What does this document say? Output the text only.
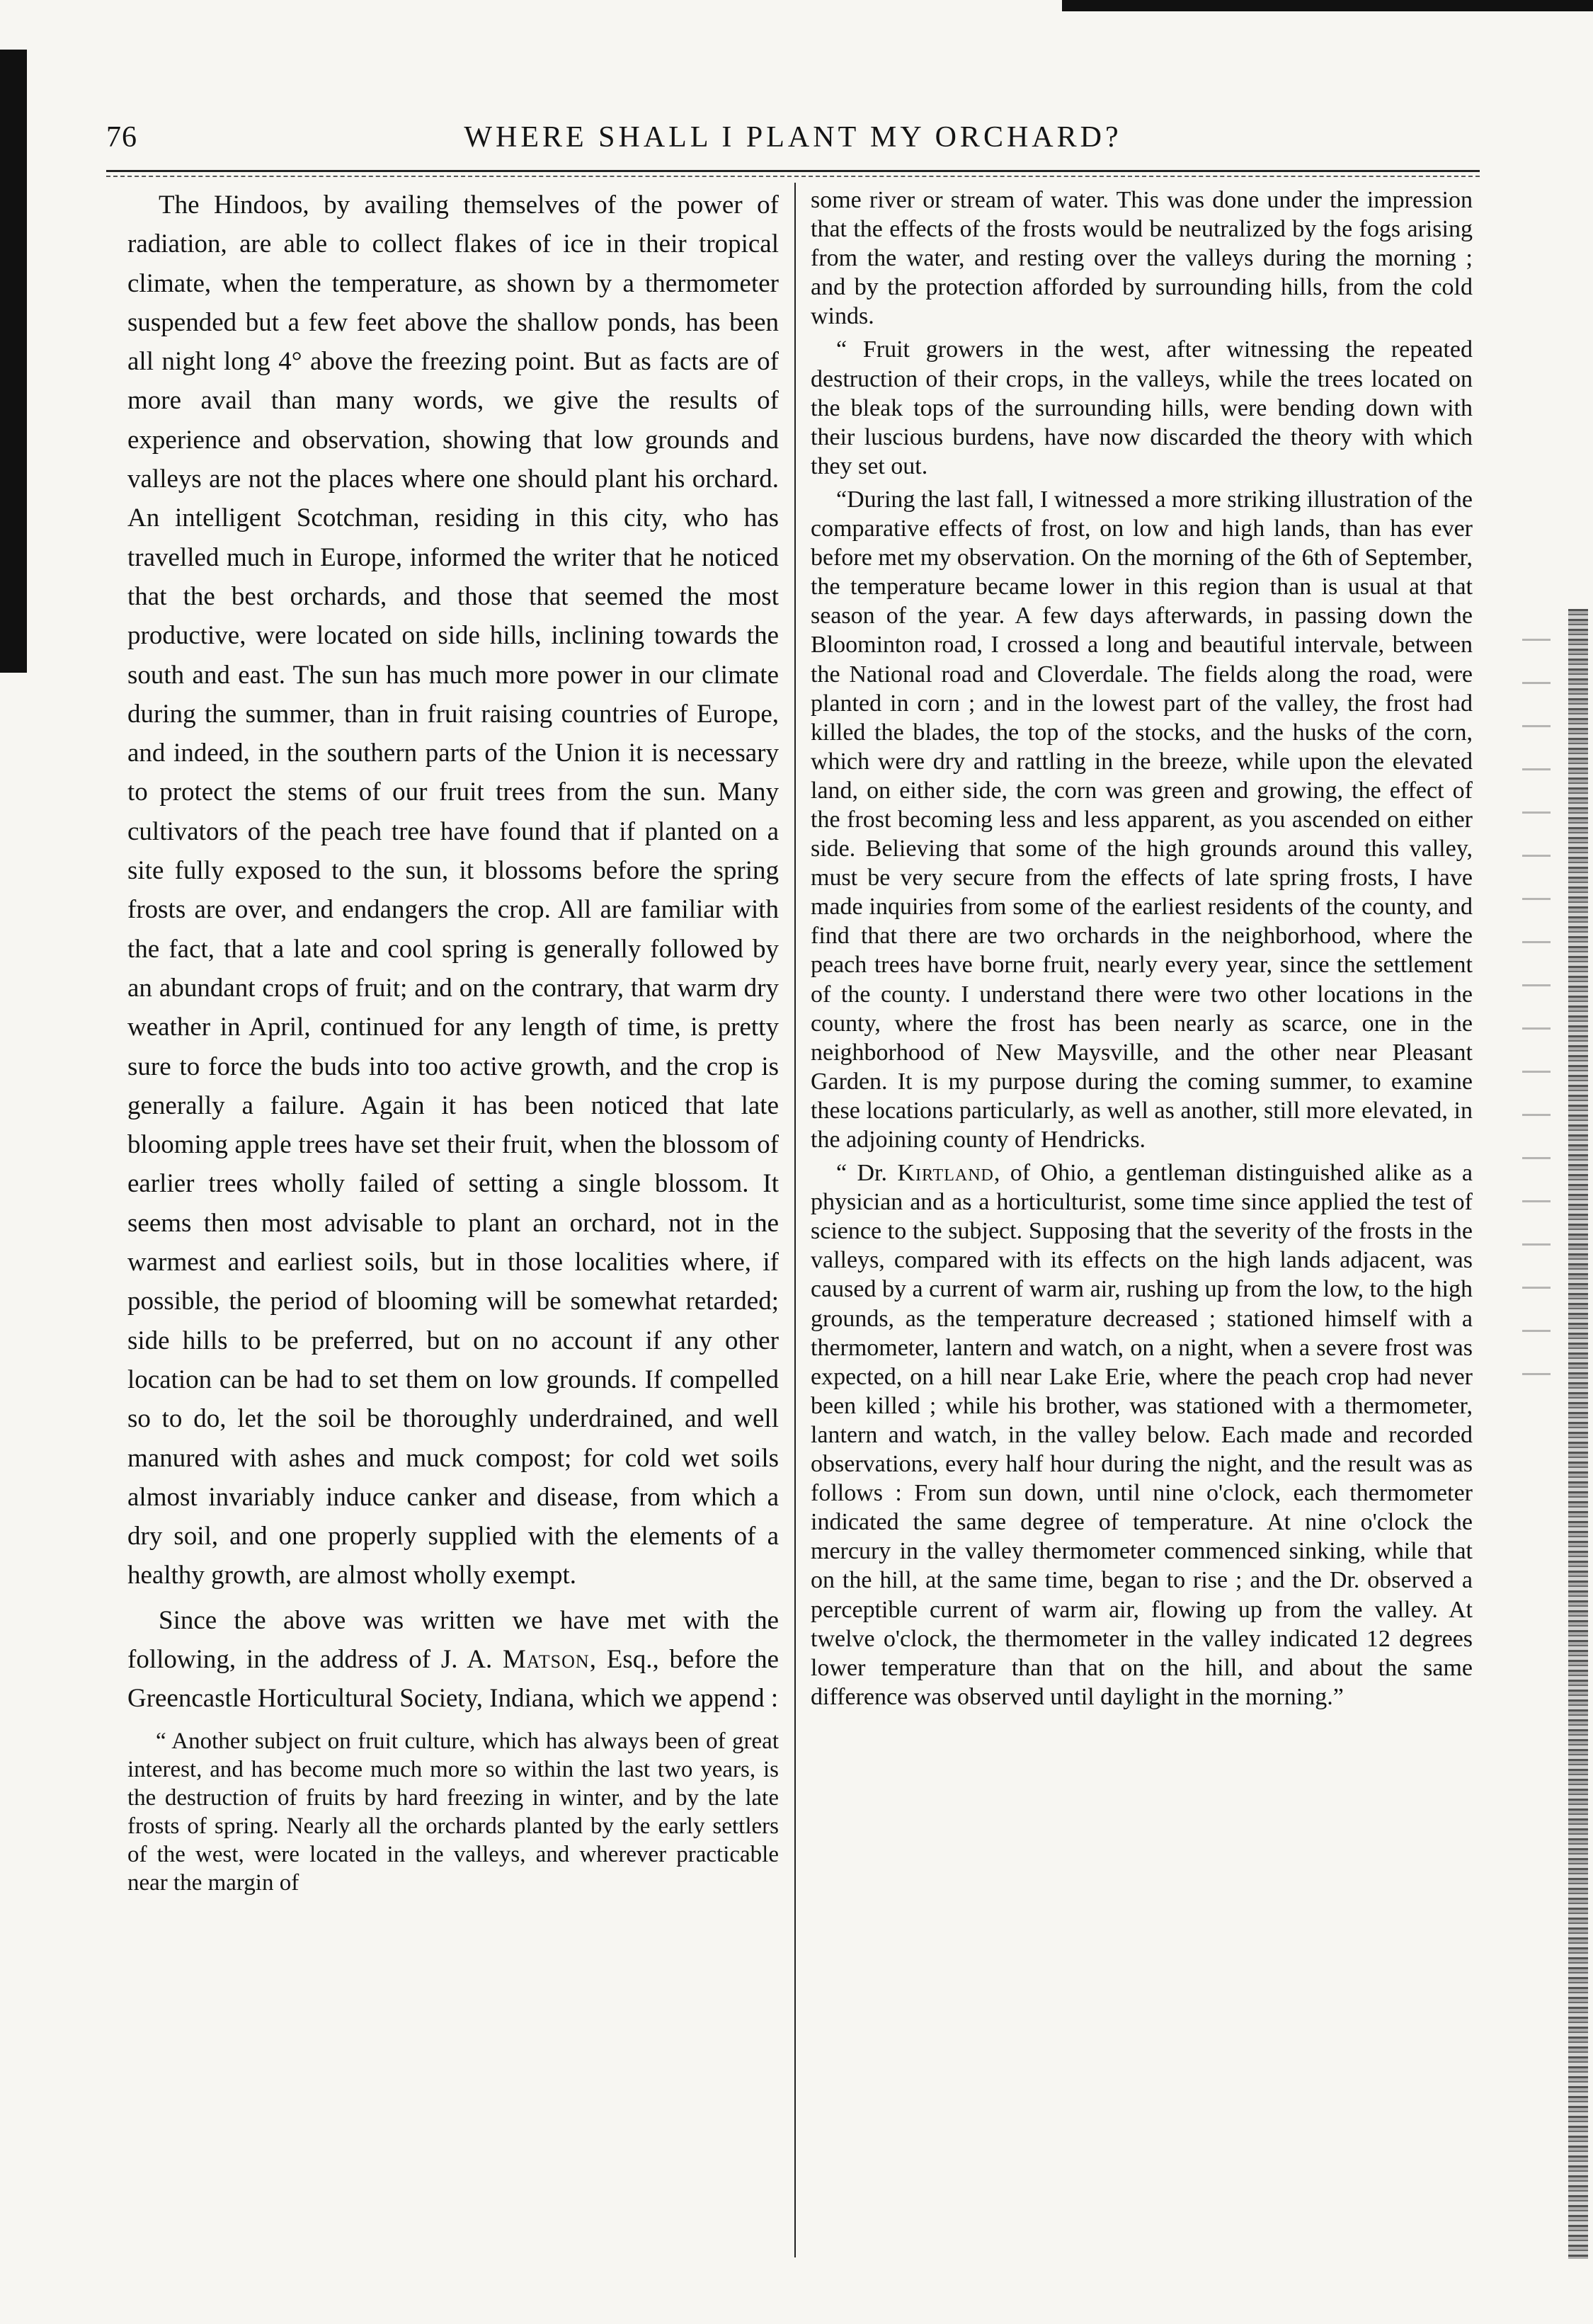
76	WHERE SHALL I PLANT MY ORCHARD?

The Hindoos, by availing themselves of the power of radiation, are able to collect flakes of ice in their tropical climate, when the temperature, as shown by a thermometer suspended but a few feet above the shallow ponds, has been all night long 4° above the freezing point. But as facts are of more avail than many words, we give the results of experience and observation, showing that low grounds and valleys are not the places where one should plant his orchard. An intelligent Scotchman, residing in this city, who has travelled much in Europe, informed the writer that he noticed that the best orchards, and those that seemed the most productive, were located on side hills, inclining towards the south and east. The sun has much more power in our climate during the summer, than in fruit raising countries of Europe, and indeed, in the southern parts of the Union it is necessary to protect the stems of our fruit trees from the sun. Many cultivators of the peach tree have found that if planted on a site fully exposed to the sun, it blossoms before the spring frosts are over, and endangers the crop. All are familiar with the fact, that a late and cool spring is generally followed by an abundant crops of fruit; and on the contrary, that warm dry weather in April, continued for any length of time, is pretty sure to force the buds into too active growth, and the crop is generally a failure. Again it has been noticed that late blooming apple trees have set their fruit, when the blossom of earlier trees wholly failed of setting a single blossom. It seems then most advisable to plant an orchard, not in the warmest and earliest soils, but in those localities where, if possible, the period of blooming will be somewhat retarded; side hills to be preferred, but on no account if any other location can be had to set them on low grounds. If compelled so to do, let the soil be thoroughly underdrained, and well manured with ashes and muck compost; for cold wet soils almost invariably induce canker and disease, from which a dry soil, and one properly supplied with the elements of a healthy growth, are almost wholly exempt.

Since the above was written we have met with the following, in the address of J. A. Matson, Esq., before the Greencastle Horticultural Society, Indiana, which we append :

“ Another subject on fruit culture, which has always been of great interest, and has become much more so within the last two years, is the destruction of fruits by hard freezing in winter, and by the late frosts of spring. Nearly all the orchards planted by the early settlers of the west, were located in the valleys, and wherever practicable near the margin of

some river or stream of water. This was done under the impression that the effects of the frosts would be neutralized by the fogs arising from the water, and resting over the valleys during the morning ; and by the protection afforded by surrounding hills, from the cold winds.

“ Fruit growers in the west, after witnessing the repeated destruction of their crops, in the valleys, while the trees located on the bleak tops of the surrounding hills, were bending down with their luscious burdens, have now discarded the theory with which they set out.

“During the last fall, I witnessed a more striking illustration of the comparative effects of frost, on low and high lands, than has ever before met my observation. On the morning of the 6th of September, the temperature became lower in this region than is usual at that season of the year. A few days afterwards, in passing down the Bloominton road, I crossed a long and beautiful intervale, between the National road and Cloverdale. The fields along the road, were planted in corn ; and in the lowest part of the valley, the frost had killed the blades, the top of the stocks, and the husks of the corn, which were dry and rattling in the breeze, while upon the elevated land, on either side, the corn was green and growing, the effect of the frost becoming less and less apparent, as you ascended on either side. Believing that some of the high grounds around this valley, must be very secure from the effects of late spring frosts, I have made inquiries from some of the earliest residents of the county, and find that there are two orchards in the neighborhood, where the peach trees have borne fruit, nearly every year, since the settlement of the county. I understand there were two other locations in the county, where the frost has been nearly as scarce, one in the neighborhood of New Maysville, and the other near Pleasant Garden. It is my purpose during the coming summer, to examine these locations particularly, as well as another, still more elevated, in the adjoining county of Hendricks.

“ Dr. Kirtland, of Ohio, a gentleman distinguished alike as a physician and as a horticulturist, some time since applied the test of science to the subject. Supposing that the severity of the frosts in the valleys, compared with its effects on the high lands adjacent, was caused by a current of warm air, rushing up from the low, to the high grounds, as the temperature decreased ; stationed himself with a thermometer, lantern and watch, on a night, when a severe frost was expected, on a hill near Lake Erie, where the peach crop had never been killed ; while his brother, was stationed with a thermometer, lantern and watch, in the valley below. Each made and recorded observations, every half hour during the night, and the result was as follows : From sun down, until nine o'clock, each thermometer indicated the same degree of temperature. At nine o'clock the mercury in the valley thermometer commenced sinking, while that on the hill, at the same time, began to rise ; and the Dr. observed a perceptible current of warm air, flowing up from the valley. At twelve o'clock, the thermometer in the valley indicated 12 degrees lower temperature than that on the hill, and about the same difference was observed until daylight in the morning.”
